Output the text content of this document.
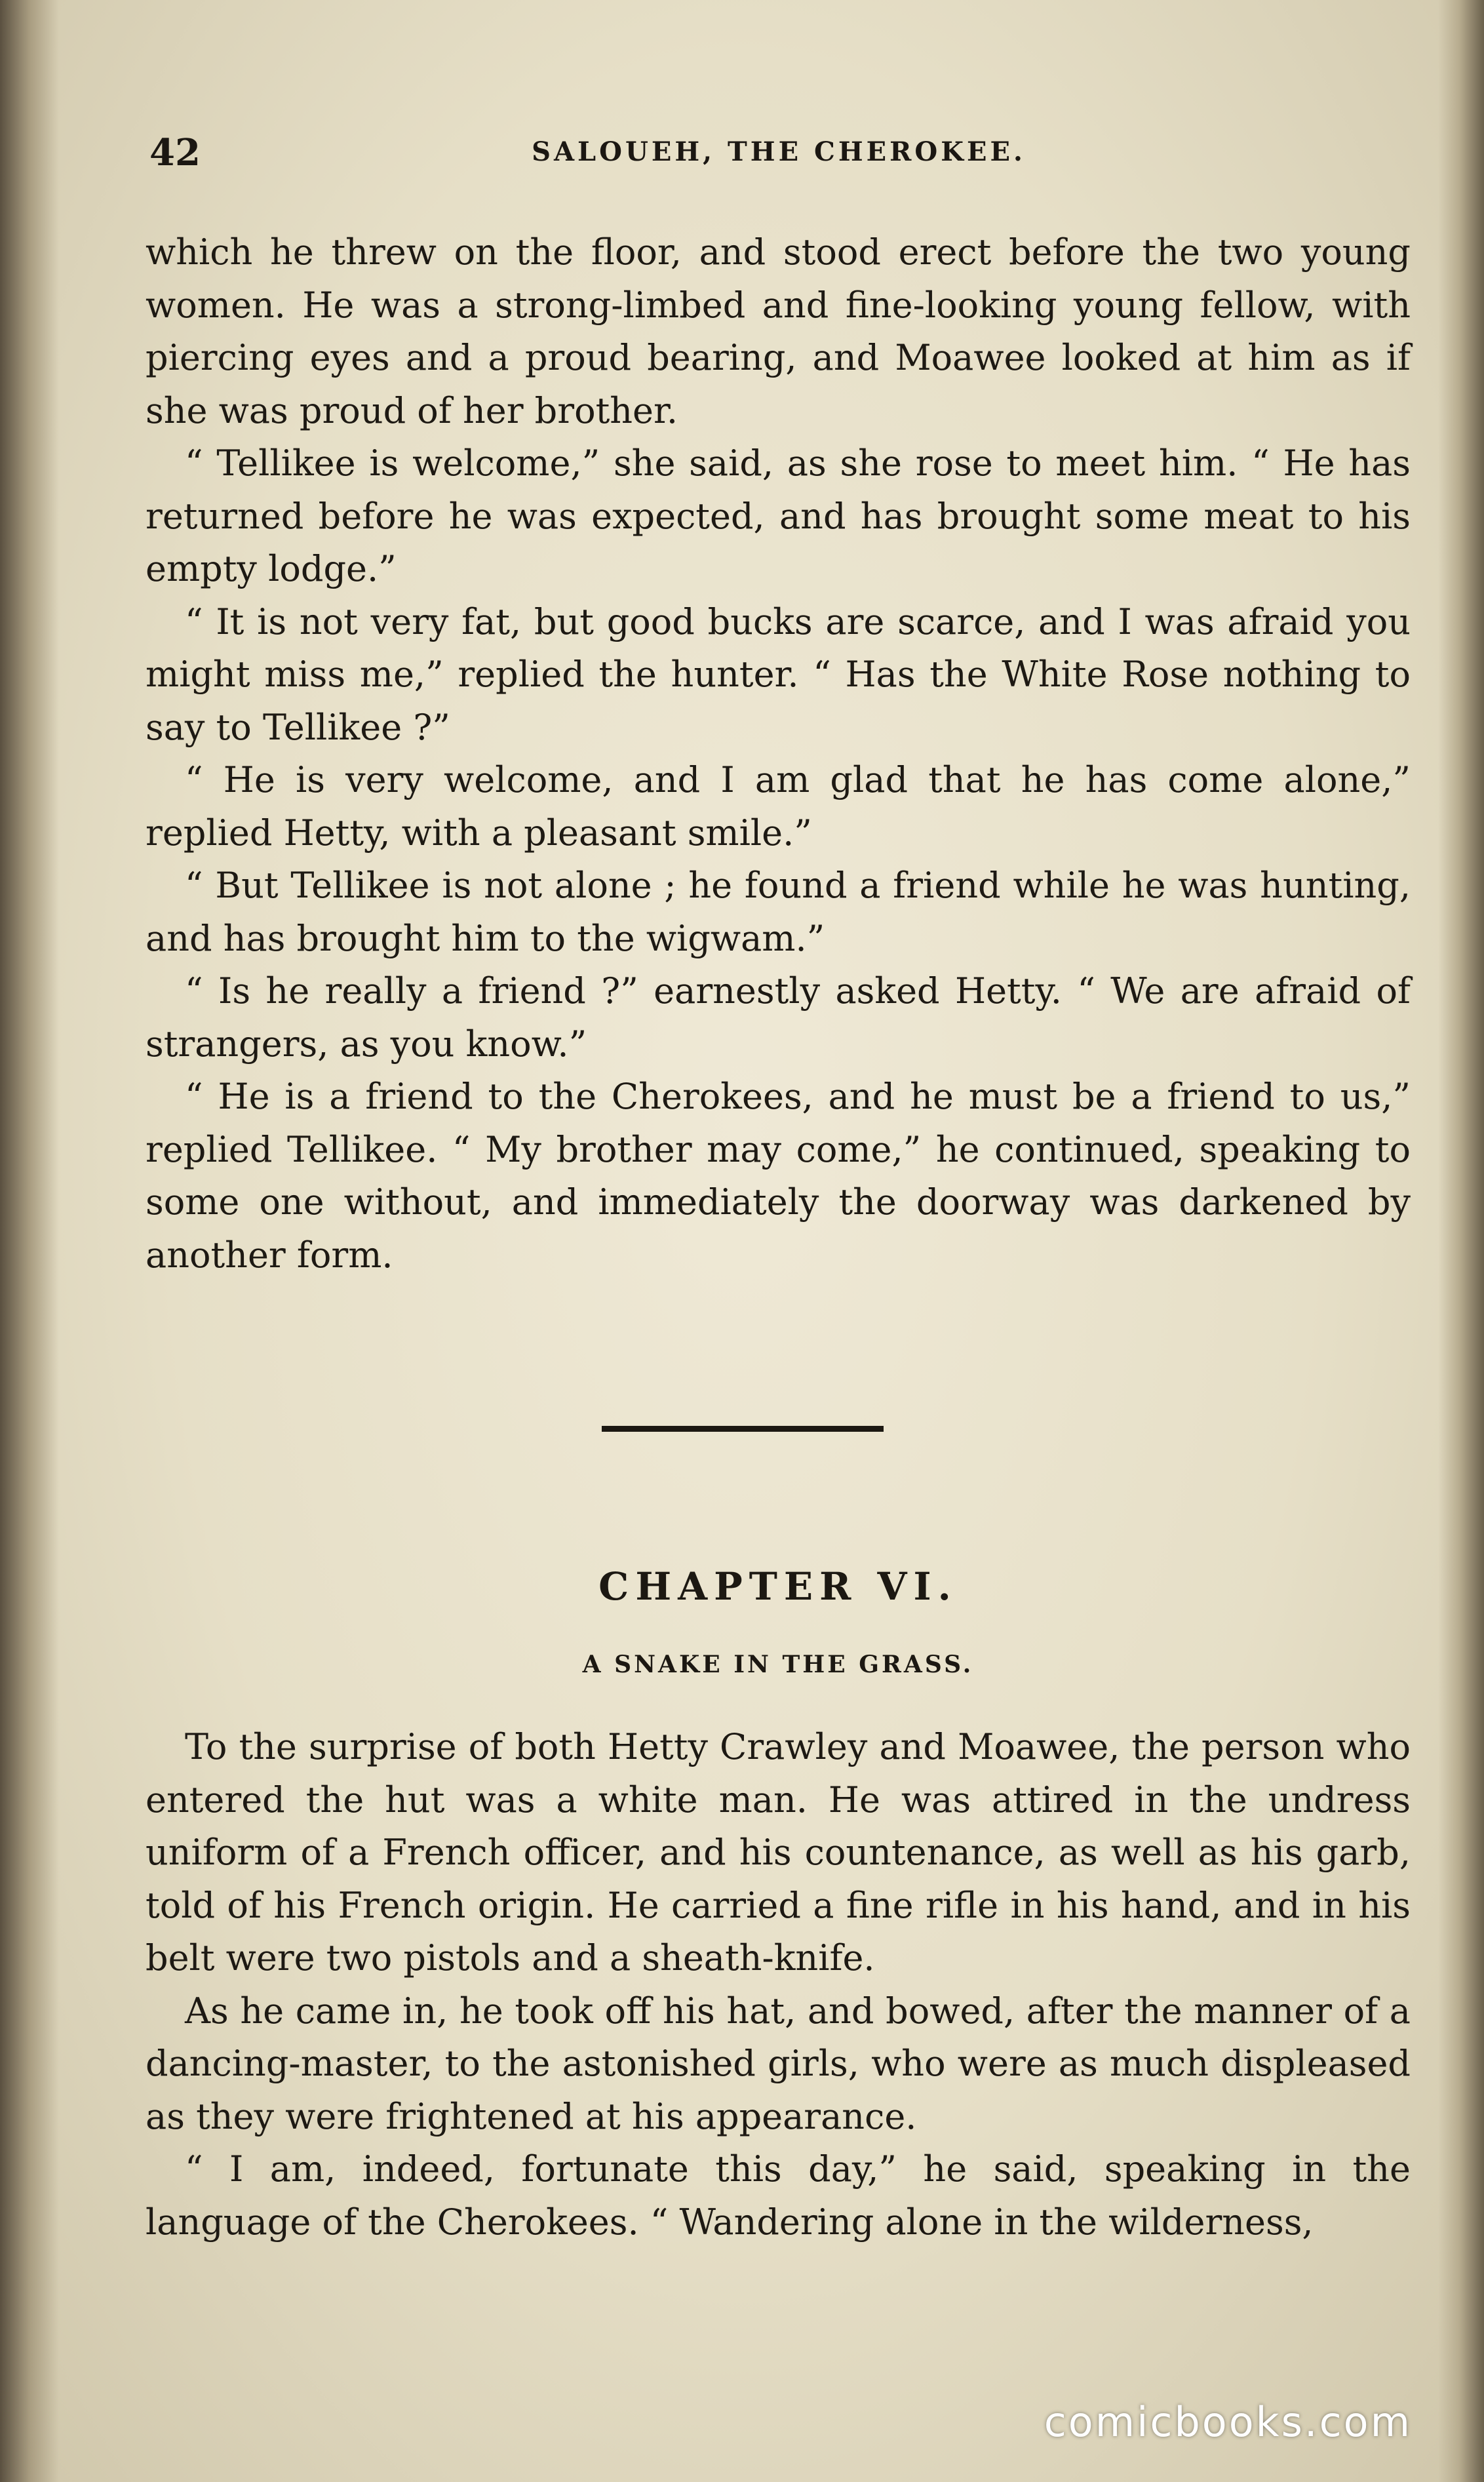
42	SALOUEH, THE CHEROKEE.

which he threw on the floor, and stood erect before the two young women. He was a strong-limbed and fine-looking young fellow, with piercing eyes and a proud bearing, and Moawee looked at him as if she was proud of her brother.

“ Tellikee is welcome,” she said, as she rose to meet him. “ He has returned before he was expected, and has brought some meat to his empty lodge.”

“ It is not very fat, but good bucks are scarce, and I was afraid you might miss me,” replied the hunter. “ Has the White Rose nothing to say to Tellikee ?”

“ He is very welcome, and I am glad that he has come alone,” replied Hetty, with a pleasant smile.”

“ But Tellikee is not alone ; he found a friend while he was hunting, and has brought him to the wigwam.”

“ Is he really a friend ?” earnestly asked Hetty. “ We are afraid of strangers, as you know.”

“ He is a friend to the Cherokees, and he must be a friend to us,” replied Tellikee. “ My brother may come,” he continued, speaking to some one without, and immediately the doorway was darkened by another form.

CHAPTER VI.
A SNAKE IN THE GRASS.

To the surprise of both Hetty Crawley and Moawee, the person who entered the hut was a white man. He was attired in the undress uniform of a French officer, and his countenance, as well as his garb, told of his French origin. He carried a fine rifle in his hand, and in his belt were two pistols and a sheath-knife.

As he came in, he took off his hat, and bowed, after the manner of a dancing-master, to the astonished girls, who were as much displeased as they were frightened at his appearance.

“ I am, indeed, fortunate this day,” he said, speaking in the language of the Cherokees. “ Wandering alone in the wilderness,

comicbooks.com
